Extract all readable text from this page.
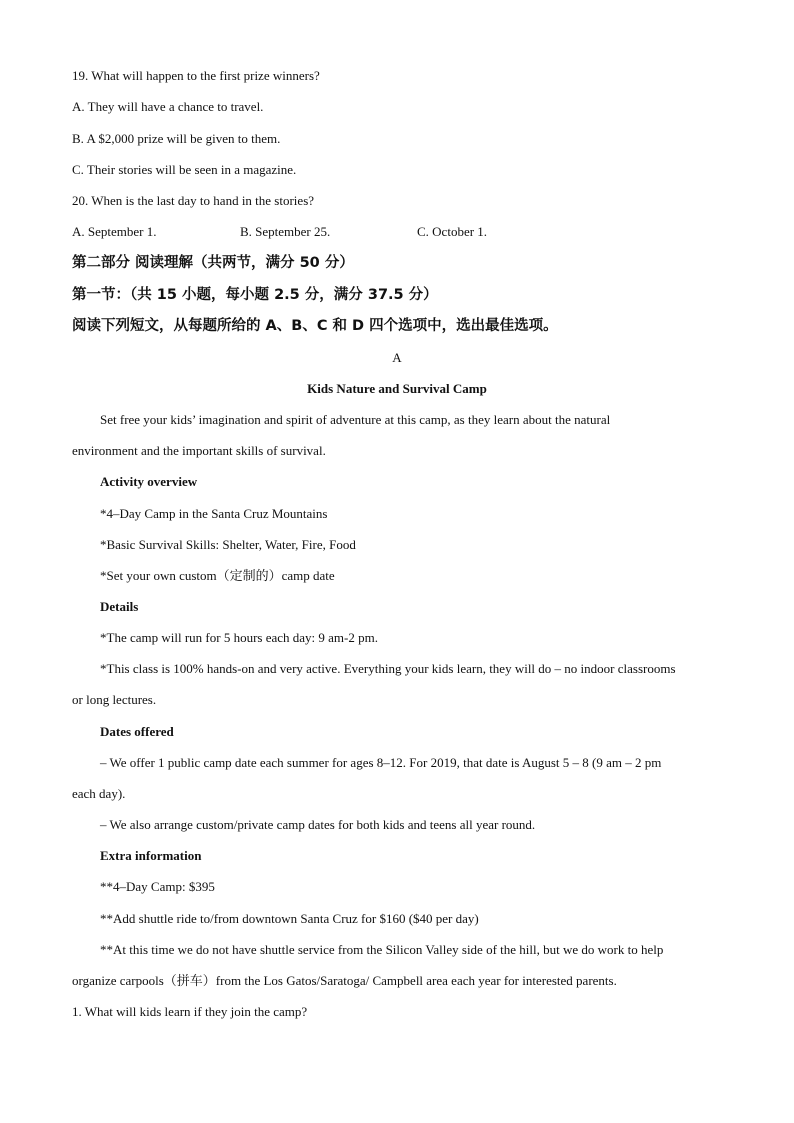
19. What will happen to the first prize winners?
A. They will have a chance to travel.
B. A $2,000 prize will be given to them.
C. Their stories will be seen in a magazine.
20. When is the last day to hand in the stories?
A. September 1.	B. September 25.	C. October 1.
第二部分 阅读理解（共两节，满分 50 分）
第一节：（共 15 小题，每小题 2.5 分，满分 37.5 分）
阅读下列短文，从每题所给的 A、B、C 和 D 四个选项中，选出最佳选项。
A
Kids Nature and Survival Camp
Set free your kids’ imagination and spirit of adventure at this camp, as they learn about the natural
environment and the important skills of survival.
Activity overview
*4–Day Camp in the Santa Cruz Mountains
*Basic Survival Skills: Shelter, Water, Fire, Food
*Set your own custom（定制的）camp date
Details
*The camp will run for 5 hours each day: 9 am-2 pm.
*This class is 100% hands-on and very active. Everything your kids learn, they will do – no indoor classrooms
or long lectures.
Dates offered
– We offer 1 public camp date each summer for ages 8–12. For 2019, that date is August 5 – 8 (9 am – 2 pm
each day).
– We also arrange custom/private camp dates for both kids and teens all year round.
Extra information
**4–Day Camp: $395
**Add shuttle ride to/from downtown Santa Cruz for $160 ($40 per day)
**At this time we do not have shuttle service from the Silicon Valley side of the hill, but we do work to help
organize carpools（拼车）from the Los Gatos/Saratoga/ Campbell area each year for interested parents.
1. What will kids learn if they join the camp?
